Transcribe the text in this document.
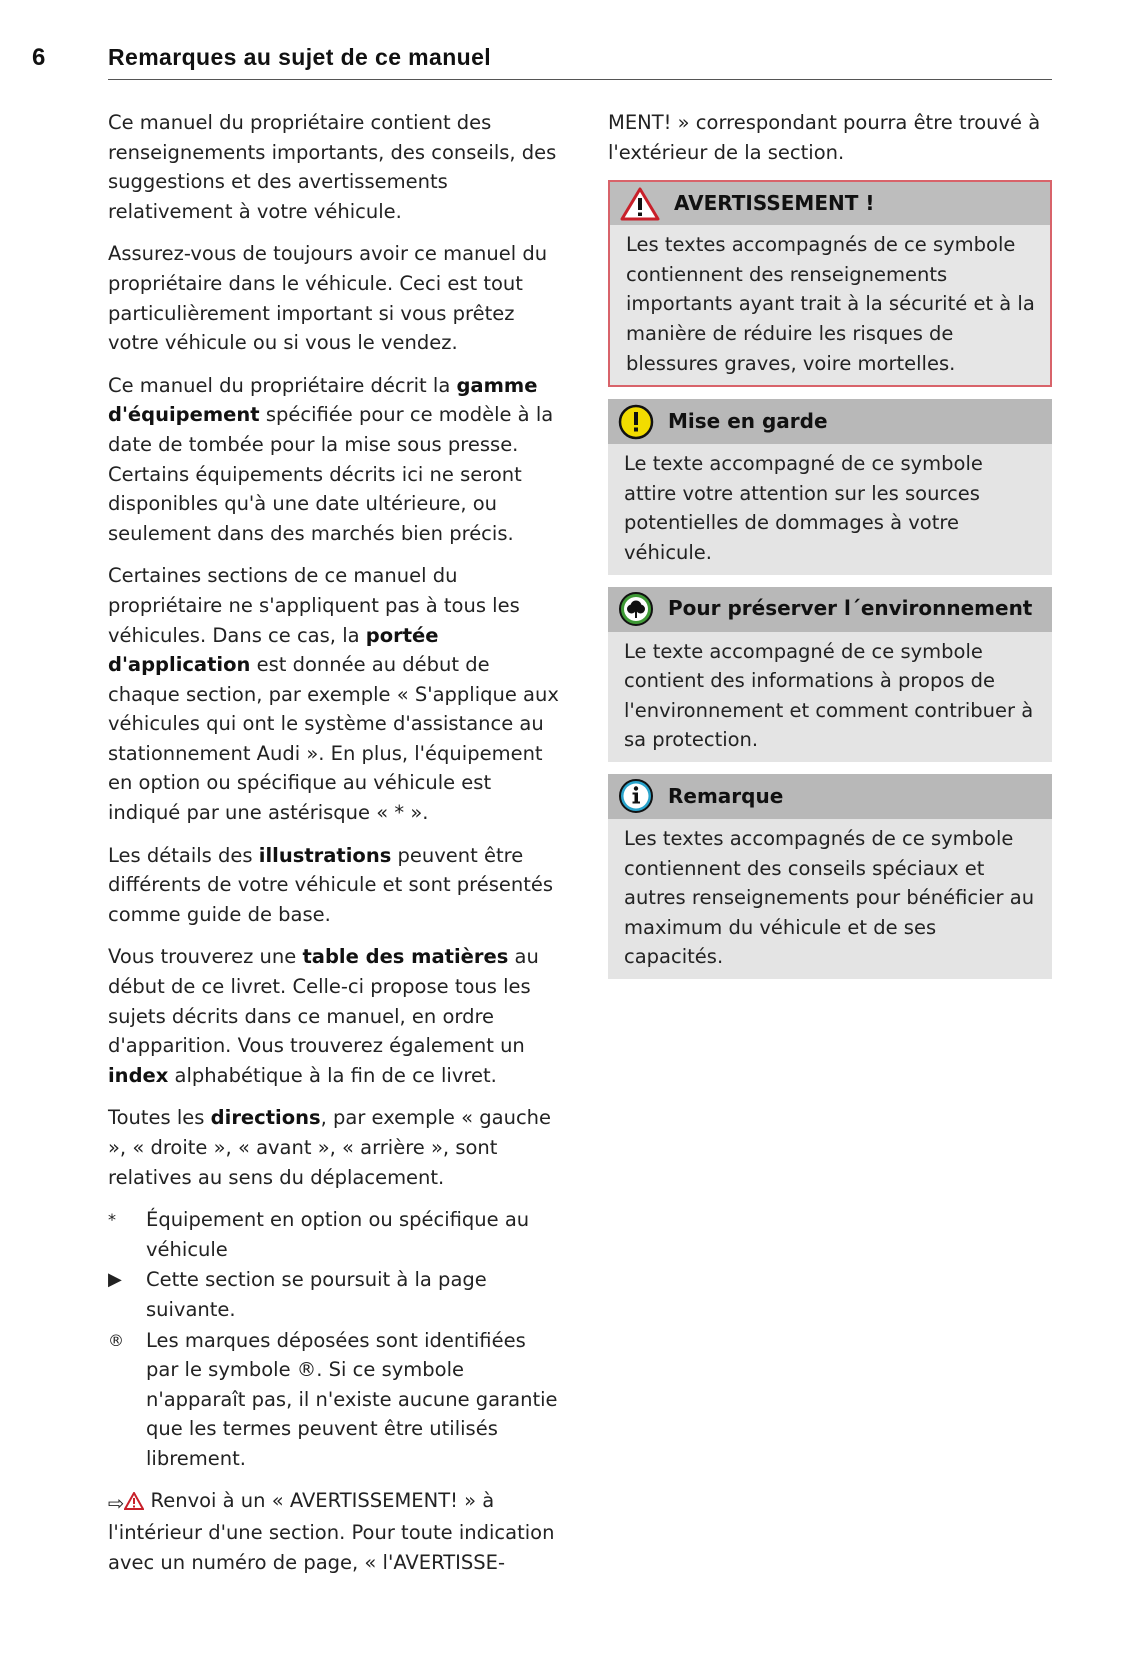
6	Remarques au sujet de ce manuel

Ce manuel du propriétaire contient des renseignements importants, des conseils, des suggestions et des avertissements relativement à votre véhicule.

Assurez-vous de toujours avoir ce manuel du propriétaire dans le véhicule. Ceci est tout particulièrement important si vous prêtez votre véhicule ou si vous le vendez.

Ce manuel du propriétaire décrit la gamme d'équipement spécifiée pour ce modèle à la date de tombée pour la mise sous presse. Certains équipements décrits ici ne seront disponibles qu'à une date ultérieure, ou seulement dans des marchés bien précis.

Certaines sections de ce manuel du propriétaire ne s'appliquent pas à tous les véhicules. Dans ce cas, la portée d'application est donnée au début de chaque section, par exemple « S'applique aux véhicules qui ont le système d'assistance au stationnement Audi ». En plus, l'équipement en option ou spécifique au véhicule est indiqué par une astérisque « * ».

Les détails des illustrations peuvent être différents de votre véhicule et sont présentés comme guide de base.

Vous trouverez une table des matières au début de ce livret. Celle-ci propose tous les sujets décrits dans ce manuel, en ordre d'apparition. Vous trouverez également un index alphabétique à la fin de ce livret.

Toutes les directions, par exemple « gauche », « droite », « avant », « arrière », sont relatives au sens du déplacement.

*	Équipement en option ou spécifique au véhicule
▶	Cette section se poursuit à la page suivante.
®	Les marques déposées sont identifiées par le symbole ®. Si ce symbole n'apparaît pas, il n'existe aucune garantie que les termes peuvent être utilisés librement.

⇨
Renvoi à un « AVERTISSEMENT! » à l'intérieur d'une section. Pour toute indication avec un numéro de page, « l'AVERTISSE-

MENT! » correspondant pourra être trouvé à l'extérieur de la section.

AVERTISSEMENT !
Les textes accompagnés de ce symbole contiennent des renseignements importants ayant trait à la sécurité et à la manière de réduire les risques de blessures graves, voire mortelles.
Mise en garde
Le texte accompagné de ce symbole attire votre attention sur les sources potentielles de dommages à votre véhicule.
Pour préserver l´environnement
Le texte accompagné de ce symbole contient des informations à propos de l'environnement et comment contribuer à sa protection.
Remarque
Les textes accompagnés de ce symbole contiennent des conseils spéciaux et autres renseignements pour bénéficier au maximum du véhicule et de ses capacités.
